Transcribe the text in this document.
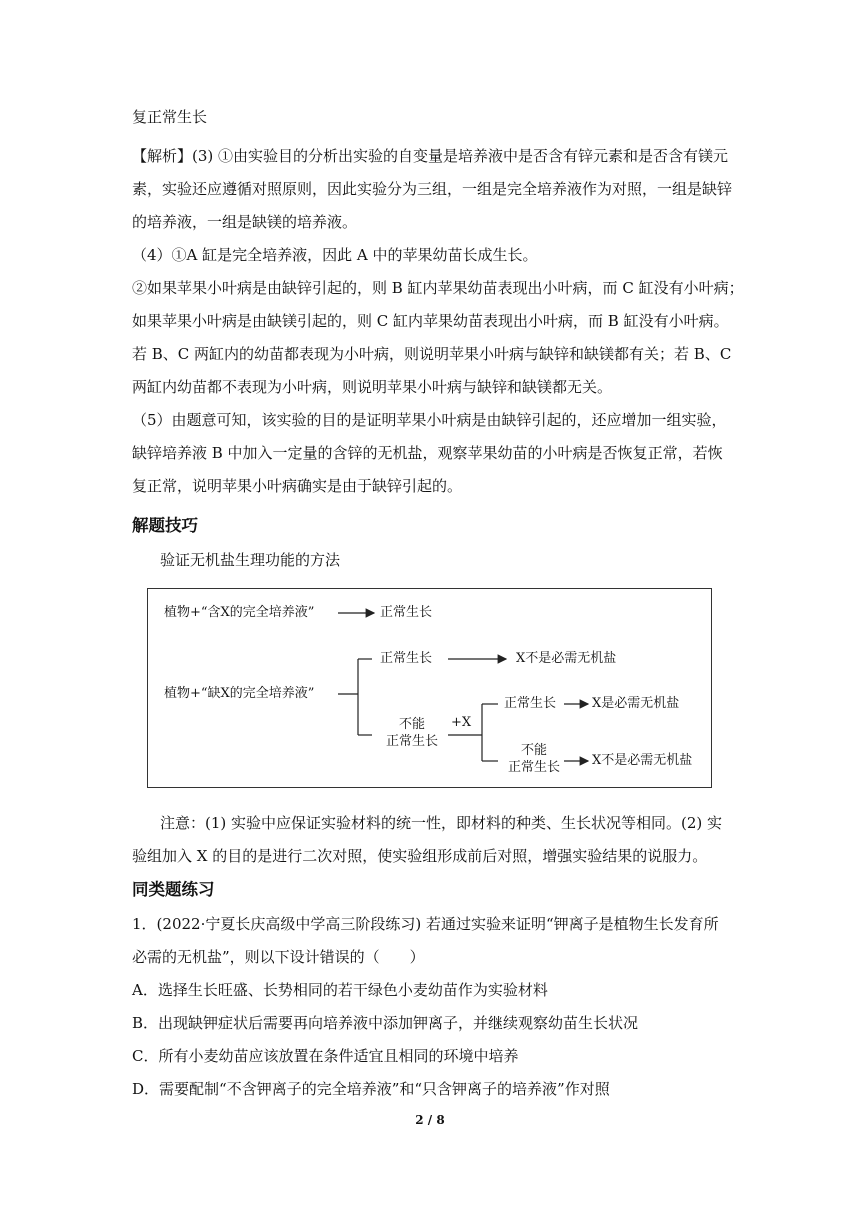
复正常生长
【解析】(3) ①由实验目的分析出实验的自变量是培养液中是否含有锌元素和是否含有镁元
素，实验还应遵循对照原则，因此实验分为三组，一组是完全培养液作为对照，一组是缺锌
的培养液，一组是缺镁的培养液。
（4）①A 缸是完全培养液，因此 A 中的苹果幼苗长成生长。
②如果苹果小叶病是由缺锌引起的，则 B 缸内苹果幼苗表现出小叶病，而 C 缸没有小叶病；
如果苹果小叶病是由缺镁引起的，则 C 缸内苹果幼苗表现出小叶病，而 B 缸没有小叶病。
若 B、C 两缸内的幼苗都表现为小叶病，则说明苹果小叶病与缺锌和缺镁都有关；若 B、C
两缸内幼苗都不表现为小叶病，则说明苹果小叶病与缺锌和缺镁都无关。
（5）由题意可知，该实验的目的是证明苹果小叶病是由缺锌引起的，还应增加一组实验，
缺锌培养液 B 中加入一定量的含锌的无机盐，观察苹果幼苗的小叶病是否恢复正常，若恢
复正常，说明苹果小叶病确实是由于缺锌引起的。
解题技巧
验证无机盐生理功能的方法
植物+“含X的完全培养液”	正常生长
植物+“缺X的完全培养液”
正常生长	X不是必需无机盐
不能
正常生长
+X
正常生长	X是必需无机盐
不能
正常生长 X不是必需无机盐
注意：(1) 实验中应保证实验材料的统一性，即材料的种类、生长状况等相同。(2) 实
验组加入 X 的目的是进行二次对照，使实验组形成前后对照，增强实验结果的说服力。
同类题练习
1．(2022·宁夏长庆高级中学高三阶段练习) 若通过实验来证明“钾离子是植物生长发育所
必需的无机盐”，则以下设计错误的（　　）
A．选择生长旺盛、长势相同的若干绿色小麦幼苗作为实验材料
B．出现缺钾症状后需要再向培养液中添加钾离子，并继续观察幼苗生长状况
C．所有小麦幼苗应该放置在条件适宜且相同的环境中培养
D．需要配制“不含钾离子的完全培养液”和“只含钾离子的培养液”作对照
2 / 8
